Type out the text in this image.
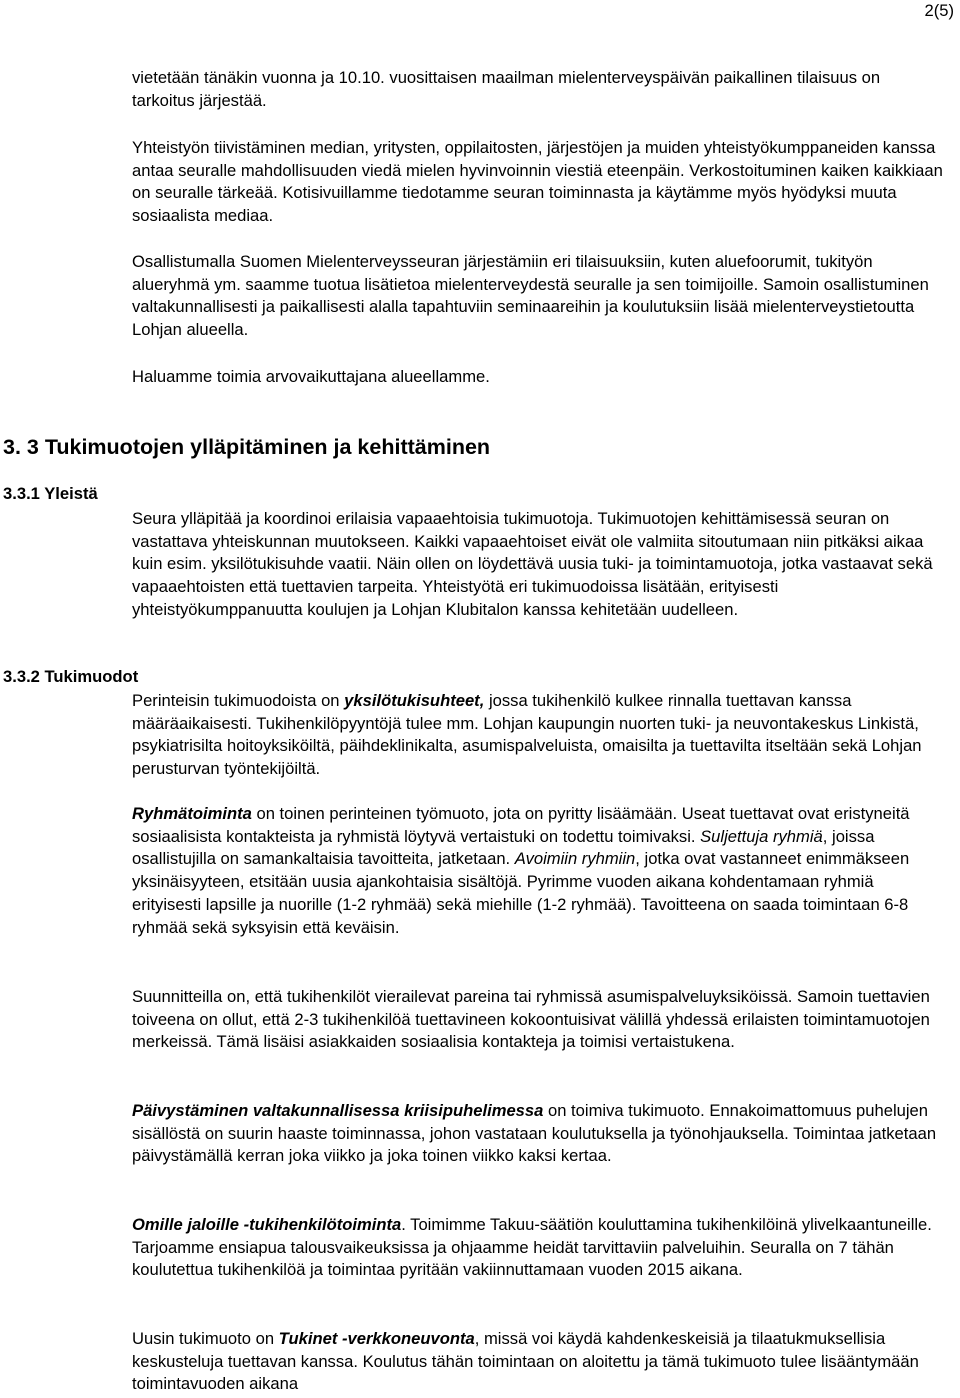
2(5)

vietetään tänäkin vuonna ja 10.10. vuosittaisen maailman mielenterveyspäivän paikallinen tilaisuus on tarkoitus järjestää.

Yhteistyön tiivistäminen median, yritysten, oppilaitosten, järjestöjen ja muiden yhteistyökumppaneiden kanssa antaa seuralle mahdollisuuden viedä mielen hyvinvoinnin viestiä eteenpäin. Verkostoituminen kaiken kaikkiaan on seuralle tärkeää. Kotisivuillamme tiedotamme seuran toiminnasta ja käytämme myös hyödyksi muuta sosiaalista mediaa.

Osallistumalla Suomen Mielenterveysseuran järjestämiin eri tilaisuuksiin, kuten aluefoorumit, tukityön alueryhmä ym. saamme tuotua lisätietoa mielenterveydestä seuralle ja sen toimijoille. Samoin osallistuminen valtakunnallisesti ja paikallisesti alalla tapahtuviin seminaareihin ja koulutuksiin lisää mielenterveystietoutta Lohjan alueella.

Haluamme toimia arvovaikuttajana alueellamme.

3. 3 Tukimuotojen ylläpitäminen ja kehittäminen
3.3.1 Yleistä

Seura ylläpitää ja koordinoi erilaisia vapaaehtoisia tukimuotoja. Tukimuotojen kehittämisessä seuran on vastattava yhteiskunnan muutokseen. Kaikki vapaaehtoiset eivät ole valmiita sitoutumaan niin pitkäksi aikaa kuin esim. yksilötukisuhde vaatii. Näin ollen on löydettävä uusia tuki- ja toimintamuotoja, jotka vastaavat sekä vapaaehtoisten että tuettavien tarpeita. Yhteistyötä eri tukimuodoissa lisätään, erityisesti yhteistyökumppanuutta koulujen ja Lohjan Klubitalon kanssa kehitetään uudelleen.

3.3.2 Tukimuodot

Perinteisin tukimuodoista on yksilötukisuhteet, jossa tukihenkilö kulkee rinnalla tuettavan kanssa määräaikaisesti. Tukihenkilöpyyntöjä tulee mm. Lohjan kaupungin nuorten tuki- ja neuvontakeskus Linkistä, psykiatrisilta hoitoyksiköiltä, päihdeklinikalta, asumispalveluista, omaisilta ja tuettavilta itseltään sekä Lohjan perusturvan työntekijöiltä.

Ryhmätoiminta on toinen perinteinen työmuoto, jota on pyritty lisäämään. Useat tuettavat ovat eristyneitä sosiaalisista kontakteista ja ryhmistä löytyvä vertaistuki on todettu toimivaksi. Suljettuja ryhmiä, joissa osallistujilla on samankaltaisia tavoitteita, jatketaan. Avoimiin ryhmiin, jotka ovat vastanneet enimmäkseen yksinäisyyteen, etsitään uusia ajankohtaisia sisältöjä. Pyrimme vuoden aikana kohdentamaan ryhmiä erityisesti lapsille ja nuorille (1-2 ryhmää) sekä miehille (1-2 ryhmää). Tavoitteena on saada toimintaan 6-8 ryhmää sekä syksyisin että keväisin.

Suunnitteilla on, että tukihenkilöt vierailevat pareina tai ryhmissä asumispalveluyksiköissä. Samoin tuettavien toiveena on ollut, että 2-3 tukihenkilöä tuettavineen kokoontuisivat välillä yhdessä erilaisten toimintamuotojen merkeissä. Tämä lisäisi asiakkaiden sosiaalisia kontakteja ja toimisi vertaistukena.

Päivystäminen valtakunnallisessa kriisipuhelimessa on toimiva tukimuoto. Ennakoimattomuus puhelujen sisällöstä on suurin haaste toiminnassa, johon vastataan koulutuksella ja työnohjauksella. Toimintaa jatketaan päivystämällä kerran joka viikko ja joka toinen viikko kaksi kertaa.

Omille jaloille -tukihenkilötoiminta. Toimimme Takuu-säätiön kouluttamina tukihenkilöinä ylivelkaantuneille. Tarjoamme ensiapua talousvaikeuksissa ja ohjaamme heidät tarvittaviin palveluihin. Seuralla on 7 tähän koulutettua tukihenkilöä ja toimintaa pyritään vakiinnuttamaan vuoden 2015 aikana.

Uusin tukimuoto on Tukinet -verkkoneuvonta, missä voi käydä kahdenkeskeisiä ja tilaatukmuksellisia keskusteluja tuettavan kanssa. Koulutus tähän toimintaan on aloitettu ja tämä tukimuoto tulee lisääntymään toimintavuoden aikana
